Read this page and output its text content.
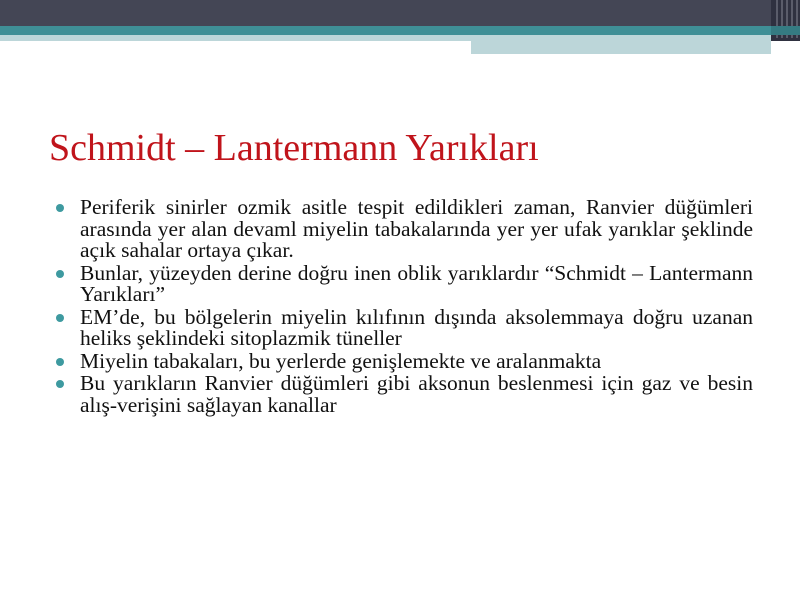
Schmidt – Lantermann Yarıkları
Periferik sinirler ozmik asitle tespit edildikleri zaman, Ranvier düğümleri arasında yer alan devaml miyelin tabakalarında yer yer ufak yarıklar şeklinde açık sahalar ortaya çıkar.
Bunlar, yüzeyden derine doğru inen oblik yarıklardır “Schmidt – Lantermann Yarıkları”
EM’de, bu bölgelerin miyelin kılıfının dışında aksolemmaya doğru uzanan heliks şeklindeki sitoplazmik tüneller
Miyelin tabakaları, bu yerlerde genişlemekte ve aralanmakta
Bu yarıkların Ranvier düğümleri gibi aksonun beslenmesi için gaz ve besin alış-verişini sağlayan kanallar
